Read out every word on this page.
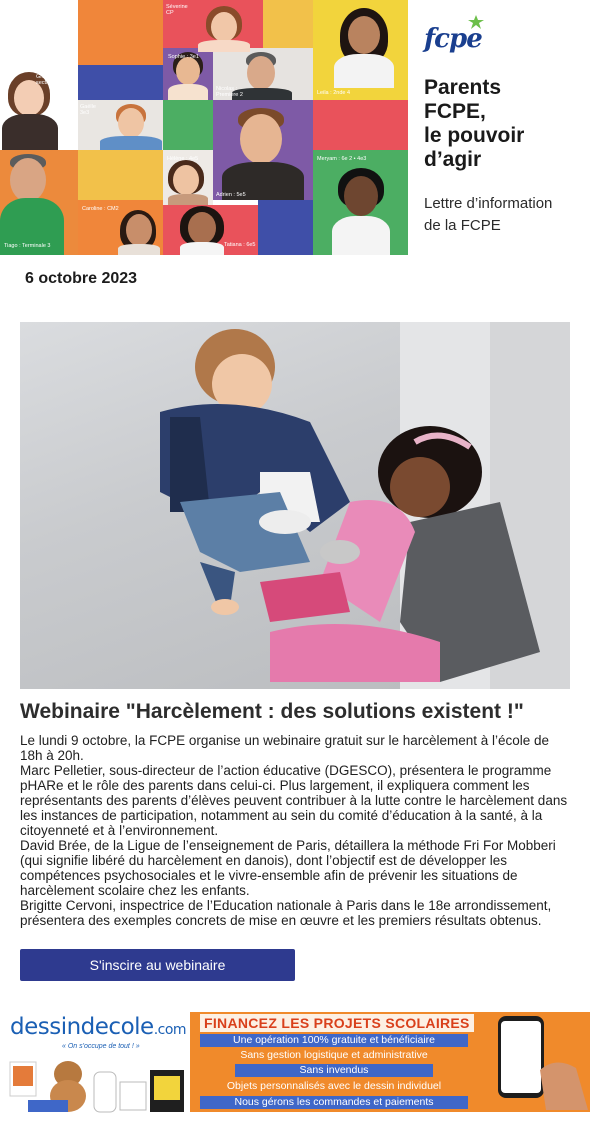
Séverine
CP
Céline :
Grande
section
Sophie : 3e1
Nicolas :
Première 2	Leila : 2nde 4
Gaëlle
3e3
Hélène : 4e5	Meryam : 6e 2 • 4e3
Adrien : 5e5
Caroline : CM2
Tiago : Terminale 3	Tatiana : 6e5
fcpe
Parents
FCPE,
le pouvoir
d’agir
Lettre d’information
de la FCPE
6 octobre 2023
Webinaire "Harcèlement : des solutions existent !"

Le lundi 9 octobre, la FCPE organise un webinaire gratuit sur le harcèlement à l’école de 18h à 20h.

Marc Pelletier, sous-directeur de l’action éducative (DGESCO), présentera le programme pHARe et le rôle des parents dans celui-ci. Plus largement, il expliquera comment les représentants des parents d’élèves peuvent contribuer à la lutte contre le harcèlement dans les instances de participation, notamment au sein du comité d’éducation à la santé, à la citoyenneté et à l’environnement.

David Brée, de la Ligue de l’enseignement de Paris, détaillera la méthode Fri For Mobberi (qui signifie libéré du harcèlement en danois), dont l’objectif est de développer les compétences psychosociales et le vivre-ensemble afin de prévenir les situations de harcèlement scolaire chez les enfants.

Brigitte Cervoni, inspectrice de l’Education nationale à Paris dans le 18e arrondissement, présentera des exemples concrets de mise en œuvre et les premiers résultats obtenus.

S'inscire au webinaire
dessindecole.com
« On s'occupe de tout ! »
FINANCEZ LES PROJETS SCOLAIRES
Une opération 100% gratuite et bénéficiaire
Sans gestion logistique et administrative
Sans invendus
Objets personnalisés avec le dessin individuel
Nous gérons les commandes et paiements
